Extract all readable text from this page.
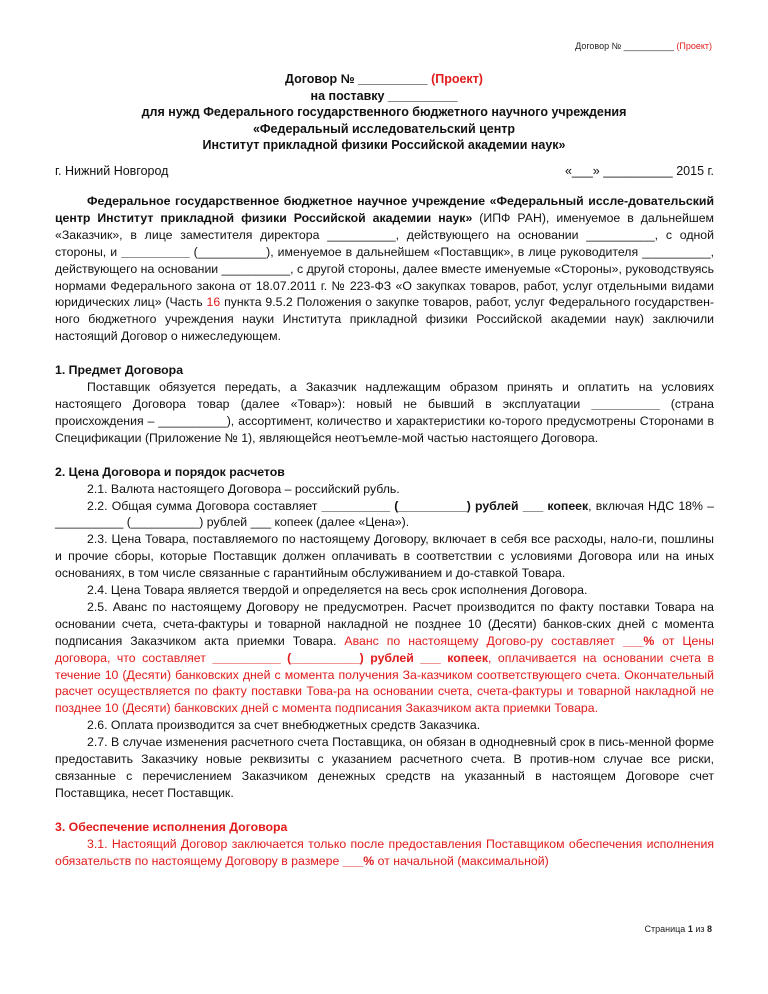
Договор № __________ (Проект)
Договор № __________ (Проект)
на поставку __________
для нужд Федерального государственного бюджетного научного учреждения
«Федеральный исследовательский центр
Институт прикладной физики Российской академии наук»
г. Нижний Новгород	«___» __________ 2015 г.

Федеральное государственное бюджетное научное учреждение «Федеральный иссле-довательский центр Институт прикладной физики Российской академии наук» (ИПФ РАН), именуемое в дальнейшем «Заказчик», в лице заместителя директора __________, действующего на основании __________, с одной стороны, и __________ (__________), именуемое в дальнейшем «Поставщик», в лице руководителя __________, действующего на основании __________, с другой стороны, далее вместе именуемые «Стороны», руководствуясь нормами Федерального закона от 18.07.2011 г. № 223-ФЗ «О закупках товаров, работ, услуг отдельными видами юридических лиц» (Часть 16 пункта 9.5.2 Положения о закупке товаров, работ, услуг Федерального государствен-ного бюджетного учреждения науки Института прикладной физики Российской академии наук) заключили настоящий Договор о нижеследующем.

1. Предмет Договора

Поставщик обязуется передать, а Заказчик надлежащим образом принять и оплатить на условиях настоящего Договора товар (далее «Товар»): новый не бывший в эксплуатации __________ (страна происхождения – __________), ассортимент, количество и характеристики ко-торого предусмотрены Сторонами в Спецификации (Приложение № 1), являющейся неотъемле-мой частью настоящего Договора.

2. Цена Договора и порядок расчетов

2.1. Валюта настоящего Договора – российский рубль.

2.2. Общая сумма Договора составляет __________ (__________) рублей ___ копеек, включая НДС 18% – __________ (__________) рублей ___ копеек (далее «Цена»).

2.3. Цена Товара, поставляемого по настоящему Договору, включает в себя все расходы, нало-ги, пошлины и прочие сборы, которые Поставщик должен оплачивать в соответствии с условиями Договора или на иных основаниях, в том числе связанные с гарантийным обслуживанием и до-ставкой Товара.

2.4. Цена Товара является твердой и определяется на весь срок исполнения Договора.

2.5. Аванс по настоящему Договору не предусмотрен. Расчет производится по факту поставки Товара на основании счета, счета-фактуры и товарной накладной не позднее 10 (Десяти) банков-ских дней с момента подписания Заказчиком акта приемки Товара. Аванс по настоящему Догово-ру составляет ___% от Цены договора, что составляет __________ (__________) рублей ___ копеек, оплачивается на основании счета в течение 10 (Десяти) банковских дней с момента получения За-казчиком соответствующего счета. Окончательный расчет осуществляется по факту поставки Това-ра на основании счета, счета-фактуры и товарной накладной не позднее 10 (Десяти) банковских дней с момента подписания Заказчиком акта приемки Товара.

2.6. Оплата производится за счет внебюджетных средств Заказчика.

2.7. В случае изменения расчетного счета Поставщика, он обязан в однодневный срок в пись-менной форме предоставить Заказчику новые реквизиты с указанием расчетного счета. В против-ном случае все риски, связанные с перечислением Заказчиком денежных средств на указанный в настоящем Договоре счет Поставщика, несет Поставщик.

3. Обеспечение исполнения Договора

3.1. Настоящий Договор заключается только после предоставления Поставщиком обеспечения исполнения обязательств по настоящему Договору в размере ___% от начальной (максимальной)

Страница 1 из 8
